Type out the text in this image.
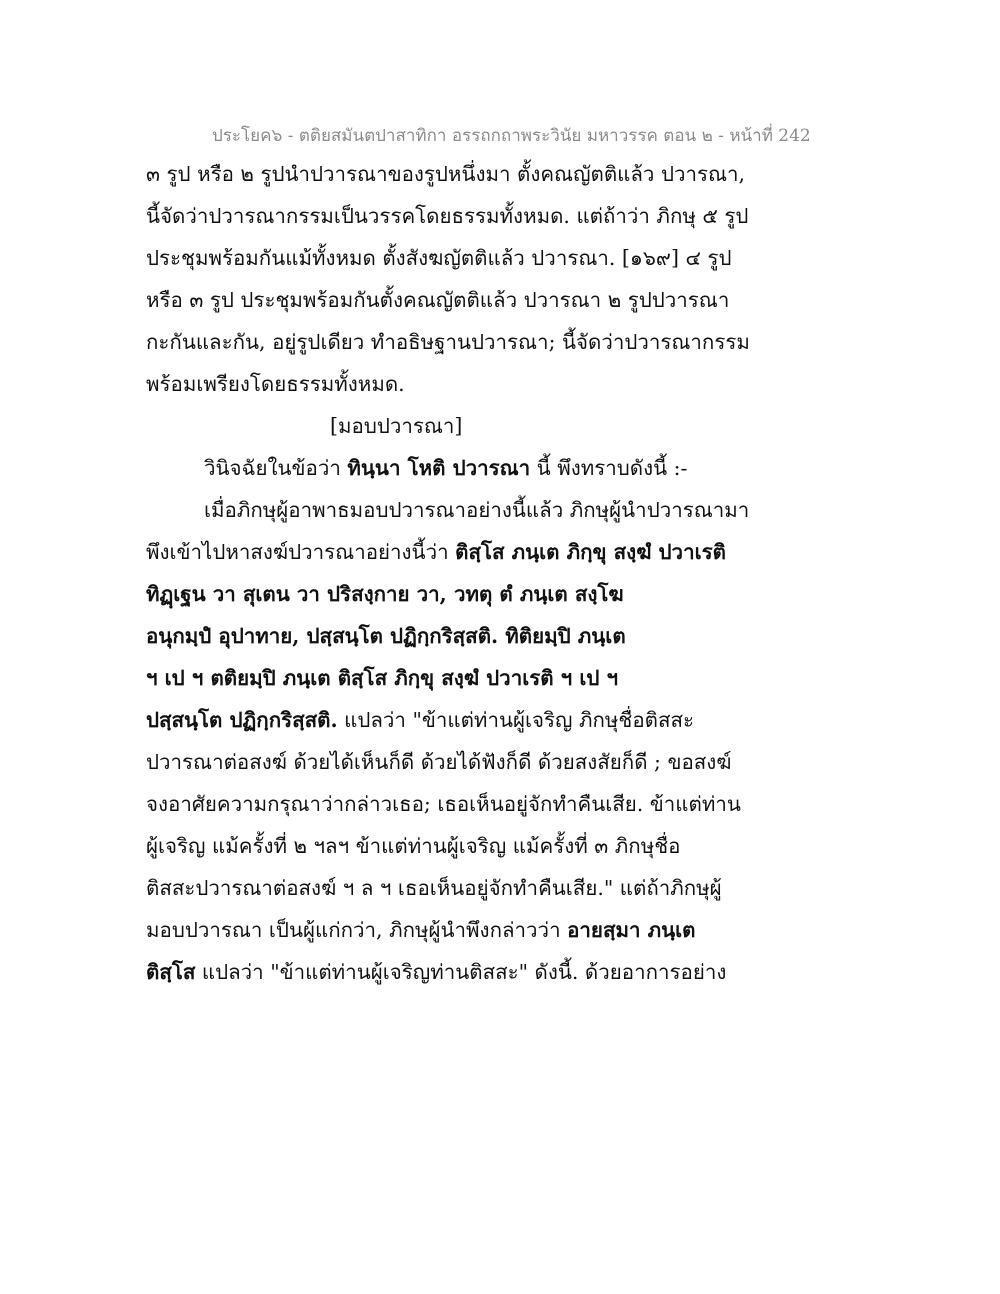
ประโยค๖ - ตติยสมันตปาสาทิกา อรรถกถาพระวินัย มหาวรรค ตอน ๒ - หน้าที่ 242
๓ รูป หรือ ๒ รูปนำปวารณาของรูปหนึ่งมา ตั้งคณญัตติแล้ว ปวารณา,
นี้จัดว่าปวารณากรรมเป็นวรรคโดยธรรมทั้งหมด. แต่ถ้าว่า ภิกษุ ๕ รูป
ประชุมพร้อมกันแม้ทั้งหมด ตั้งสังฆญัตติแล้ว ปวารณา. [๑๖๙] ๔ รูป
หรือ ๓ รูป ประชุมพร้อมกันตั้งคณญัตติแล้ว ปวารณา ๒ รูปปวารณา
กะกันและกัน, อยู่รูปเดียว ทำอธิษฐานปวารณา; นี้จัดว่าปวารณากรรม
พร้อมเพรียงโดยธรรมทั้งหมด.
[มอบปวารณา]
วินิจฉัยในข้อว่า ทินฺนา โหติ ปวารณา นี้ พึงทราบดังนี้ :-
เมื่อภิกษุผู้อาพาธมอบปวารณาอย่างนี้แล้ว ภิกษุผู้นำปวารณามา
พึงเข้าไปหาสงฆ์ปวารณาอย่างนี้ว่า ติสฺโส ภนฺเต ภิกฺขุ สงฺฆํ ปวาเรติ
ทิฏฺเฐน วา สุเตน วา ปริสงฺกาย วา, วทตุ ตํ ภนฺเต สงฺโฆ
อนุกมฺปํ อุปาทาย, ปสฺสนฺโต ปฏิกฺกริสฺสติ. ทิติยมฺปิ ภนฺเต
ฯ เป ฯ ตติยมฺปิ ภนฺเต ติสฺโส ภิกฺขุ สงฺฆํ ปวาเรติ ฯ เป ฯ
ปสฺสนฺโต ปฏิกฺกริสฺสติ. แปลว่า "ข้าแต่ท่านผู้เจริญ ภิกษุชื่อติสสะ
ปวารณาต่อสงฆ์ ด้วยได้เห็นก็ดี ด้วยได้ฟังก็ดี ด้วยสงสัยก็ดี ; ขอสงฆ์
จงอาศัยความกรุณาว่ากล่าวเธอ; เธอเห็นอยู่จักทำคืนเสีย. ข้าแต่ท่าน
ผู้เจริญ แม้ครั้งที่ ๒ ฯลฯ ข้าแต่ท่านผู้เจริญ แม้ครั้งที่ ๓ ภิกษุชื่อ
ติสสะปวารณาต่อสงฆ์ ฯ ล ฯ เธอเห็นอยู่จักทำคืนเสีย." แต่ถ้าภิกษุผู้
มอบปวารณา เป็นผู้แก่กว่า, ภิกษุผู้นำพึงกล่าวว่า อายสฺมา ภนฺเต
ติสฺโส แปลว่า "ข้าแต่ท่านผู้เจริญท่านติสสะ" ดังนี้. ด้วยอาการอย่าง
